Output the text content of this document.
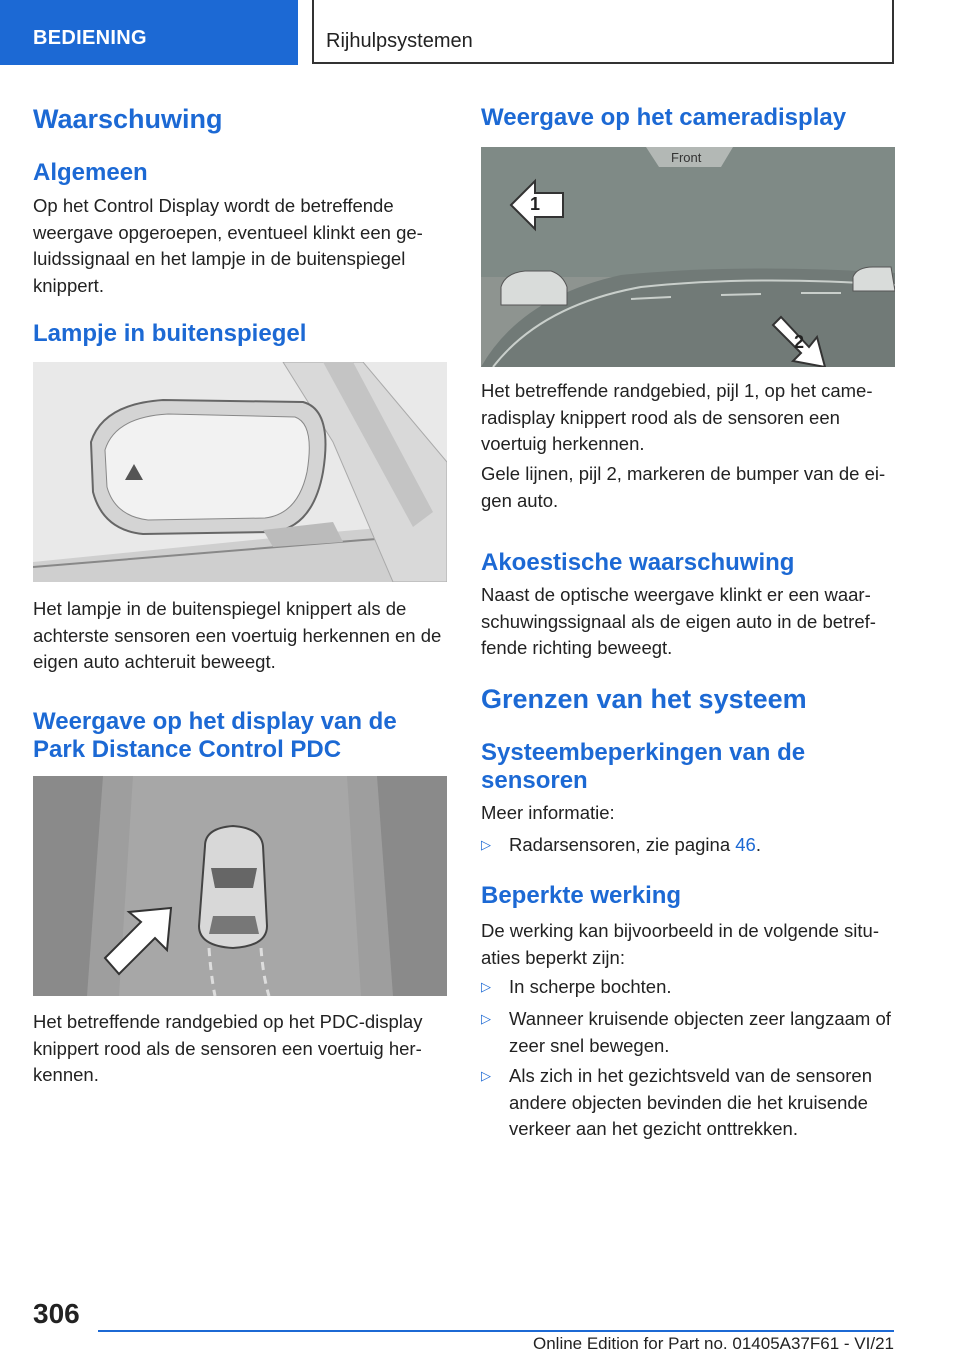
BEDIENING	Rijhulpsystemen
Waarschuwing
Algemeen

Op het Control Display wordt de betreffende weergave opgeroepen, eventueel klinkt een geluidssignaal en het lampje in de buitenspiegel knippert.

Lampje in buitenspiegel

Het lampje in de buitenspiegel knippert als de achterste sensoren een voertuig herkennen en de eigen auto achteruit beweegt.

Weergave op het display van de Park Distance Control PDC

Het betreffende randgebied op het PDC-display knippert rood als de sensoren een voertuig herkennen.

Weergave op het cameradisplay
Front
1
2

Het betreffende randgebied, pijl 1, op het cameradisplay knippert rood als de sensoren een voertuig herkennen.

Gele lijnen, pijl 2, markeren de bumper van de eigen auto.

Akoestische waarschuwing

Naast de optische weergave klinkt er een waarschuwingssignaal als de eigen auto in de betreffende richting beweegt.

Grenzen van het systeem
Systeembeperkingen van de sensoren

Meer informatie:

▷ Radarsensoren, zie pagina 46.
Beperkte werking

De werking kan bijvoorbeeld in de volgende situaties beperkt zijn:

▷ In scherpe bochten.
▷ Wanneer kruisende objecten zeer langzaam of zeer snel bewegen.
▷ Als zich in het gezichtsveld van de sensoren andere objecten bevinden die het kruisende verkeer aan het gezicht onttrekken.
306
Online Edition for Part no. 01405A37F61 - VI/21
